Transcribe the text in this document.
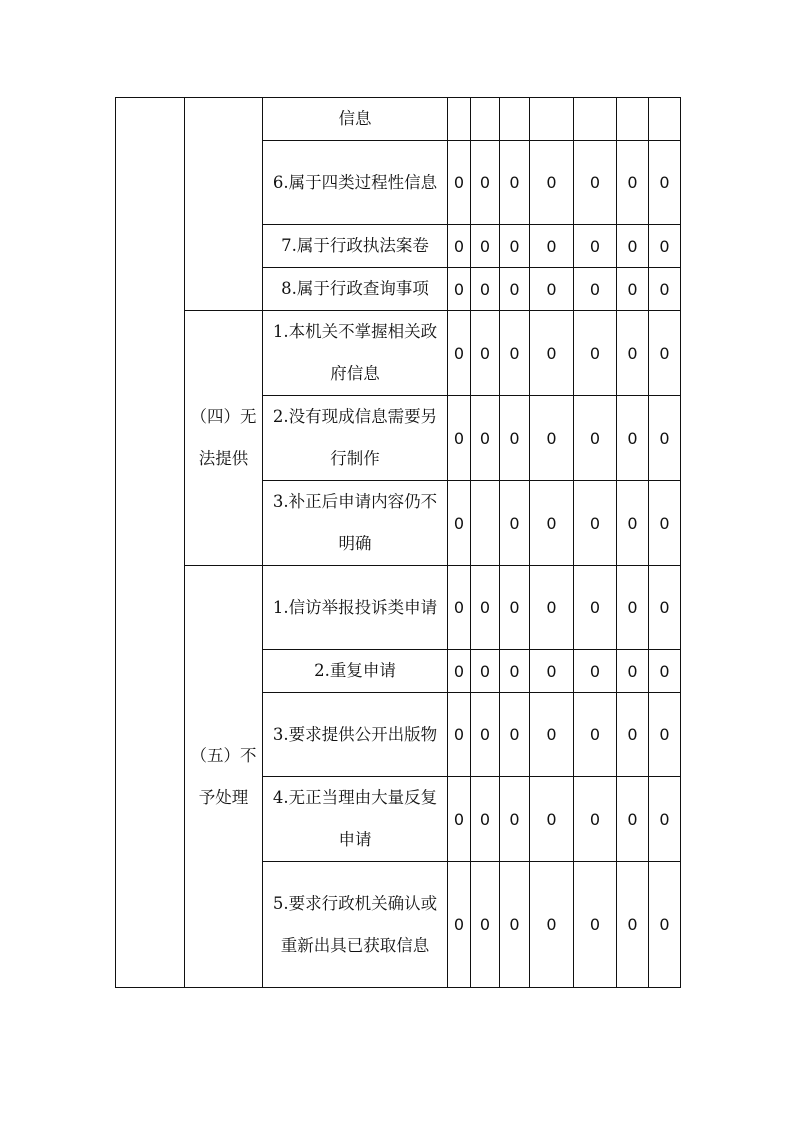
		信息							
		6.属于四类过程性信息	0	0	0	0	0	0	0
		7.属于行政执法案卷	0	0	0	0	0	0	0
		8.属于行政查询事项	0	0	0	0	0	0	0
	（四）无法提供	1.本机关不掌握相关政府信息	0	0	0	0	0	0	0
		2.没有现成信息需要另行制作	0	0	0	0	0	0	0
		3.补正后申请内容仍不明确	0		0	0	0	0	0
	（五）不予处理	1.信访举报投诉类申请	0	0	0	0	0	0	0
		2.重复申请	0	0	0	0	0	0	0
		3.要求提供公开出版物	0	0	0	0	0	0	0
		4.无正当理由大量反复申请	0	0	0	0	0	0	0
		5.要求行政机关确认或重新出具已获取信息	0	0	0	0	0	0	0
